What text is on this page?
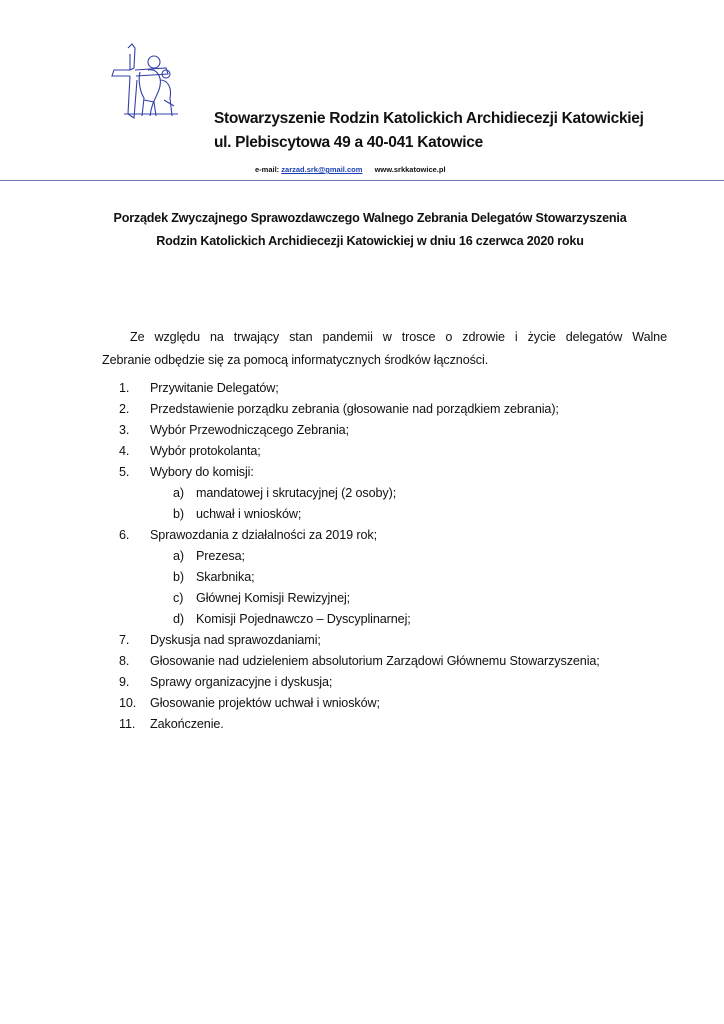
Stowarzyszenie Rodzin Katolickich Archidiecezji Katowickiej
ul. Plebiscytowa 49 a 40-041 Katowice
e-mail: zarzad.srk@gmail.com www.srkkatowice.pl
Porządek Zwyczajnego Sprawozdawczego Walnego Zebrania Delegatów Stowarzyszenia
Rodzin Katolickich Archidiecezji Katowickiej w dniu 16 czerwca 2020 roku
Ze względu na trwający stan pandemii w trosce o zdrowie i życie delegatów Walne
Zebranie odbędzie się za pomocą informatycznych środków łączności.
1.	Przywitanie Delegatów;
2.	Przedstawienie porządku zebrania (głosowanie nad porządkiem zebrania);
3.	Wybór Przewodniczącego Zebrania;
4.	Wybór protokolanta;
5.	Wybory do komisji:
a) mandatowej i skrutacyjnej (2 osoby);
b) uchwał i wniosków;
6.	Sprawozdania z działalności za 2019 rok;
a) Prezesa;
b) Skarbnika;
c)	Głównej Komisji Rewizyjnej;
d) Komisji Pojednawczo – Dyscyplinarnej;
7.	Dyskusja nad sprawozdaniami;
8.	Głosowanie nad udzieleniem absolutorium Zarządowi Głównemu Stowarzyszenia;
9.	Sprawy organizacyjne i dyskusja;
10.	Głosowanie projektów uchwał i wniosków;
11.	Zakończenie.
